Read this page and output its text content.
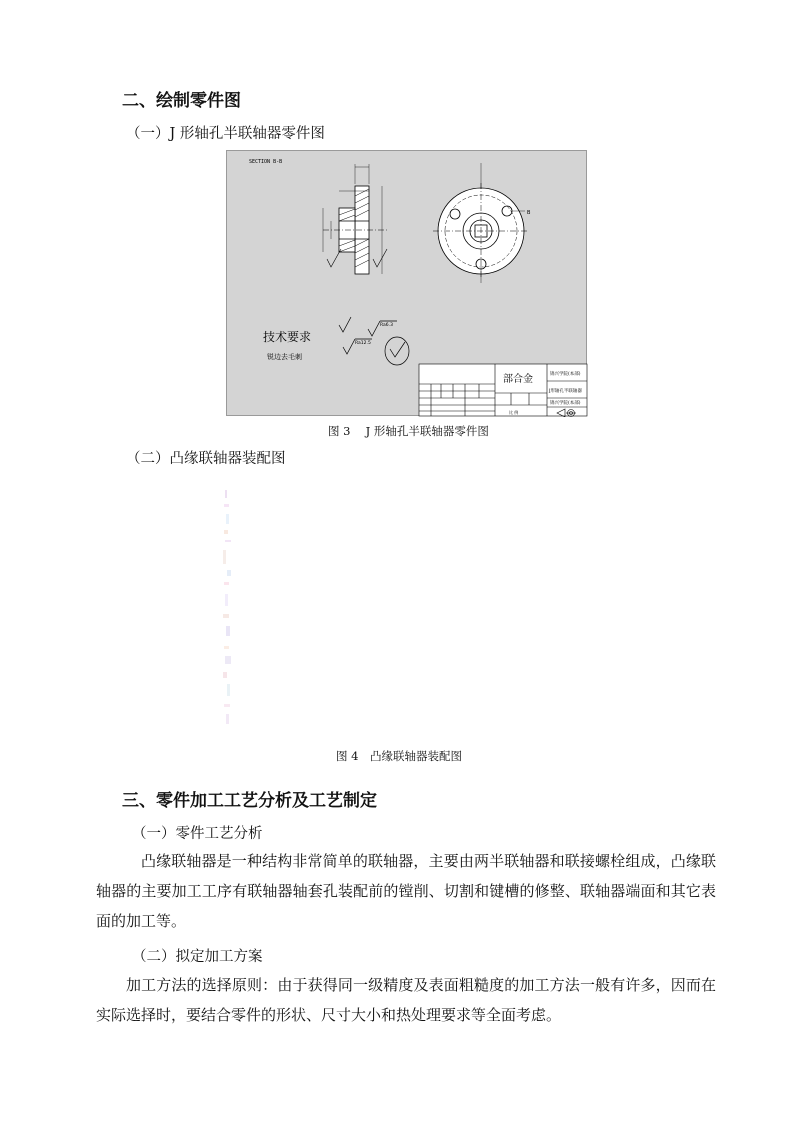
二、绘制零件图
（一）J 形轴孔半联轴器零件图
SECTION B-B
B
技术要求
锐边去毛刺
Ra6.3
Ra12.5
部合金	锦兴学院(本部)
J形轴孔半联轴器
锦兴学院(本部)
比 例
图 3　 J 形轴孔半联轴器零件图
（二）凸缘联轴器装配图
图 4　凸缘联轴器装配图
三、零件加工工艺分析及工艺制定
（一）零件工艺分析
凸缘联轴器是一种结构非常简单的联轴器，主要由两半联轴器和联接螺栓组成，凸缘联轴器的主要加工工序有联轴器轴套孔装配前的镗削、切割和键槽的修整、联轴器端面和其它表面的加工等。
（二）拟定加工方案
加工方法的选择原则：由于获得同一级精度及表面粗糙度的加工方法一般有许多，因而在实际选择时，要结合零件的形状、尺寸大小和热处理要求等全面考虑。
